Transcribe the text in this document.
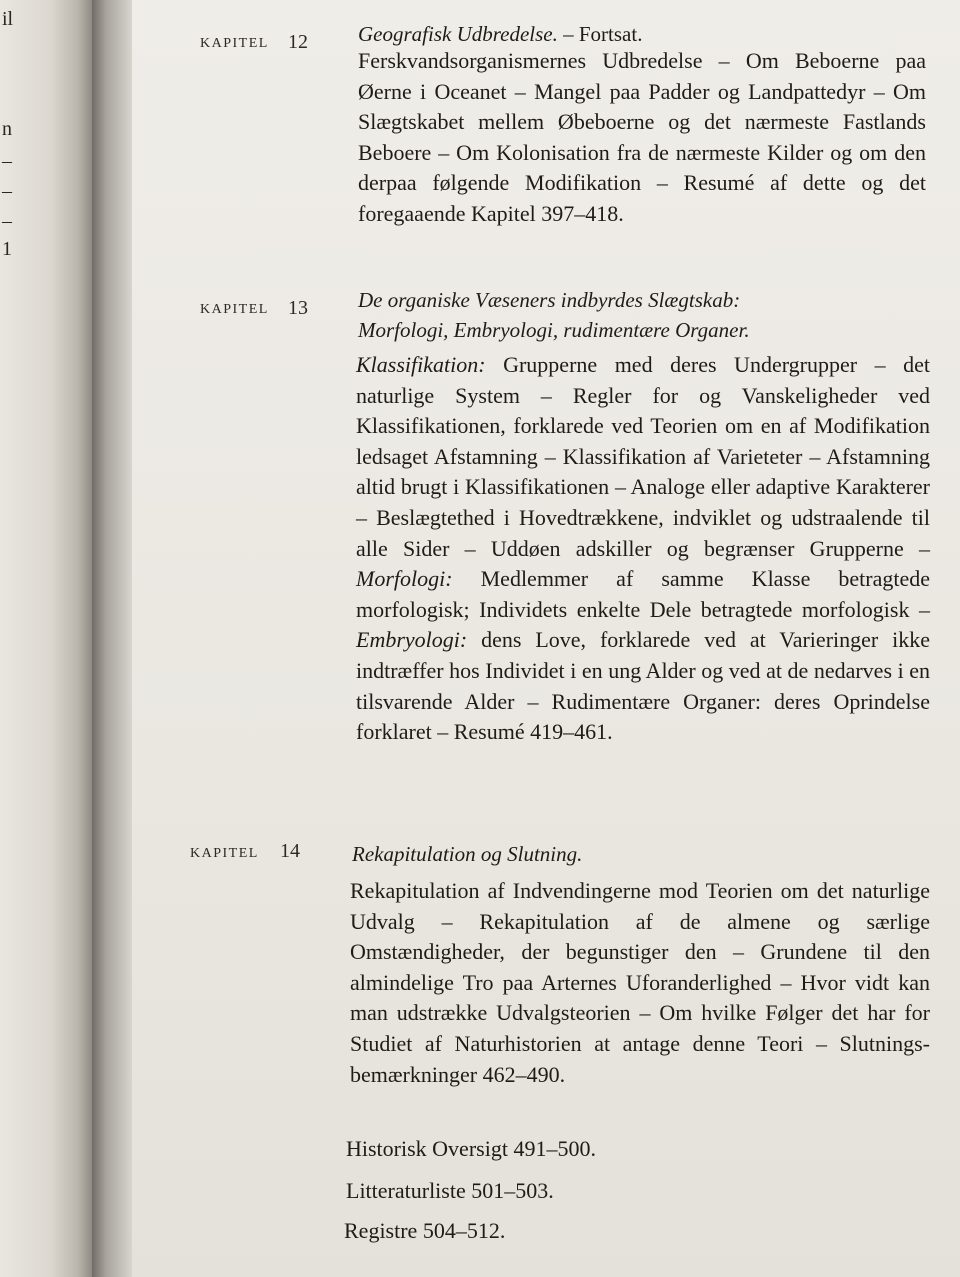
il
n
–
–
–
1
KAPITEL 12 Geografisk Udbredelse. – Fortsat.
Ferskvandsorganismernes Udbredelse – Om Beboerne paa Øerne i Oceanet – Mangel paa Padder og Landpattedyr – Om Slægtskabet mellem Øbeboerne og det nærmeste Fastlands Beboere – Om Kolonisation fra de nærmeste Kilder og om den derpaa følgende Modifikation – Resumé af dette og det foregaaende Kapitel 397–418.
KAPITEL 13 De organiske Væseners indbyrdes Slægtskab:
Morfologi, Embryologi, rudimentære Organer.
Klassifikation: Grupperne med deres Undergrupper – det naturlige System – Regler for og Vanskeligheder ved Klassifikationen, forklarede ved Teorien om en af Modifikation ledsaget Afstamning – Klassifikation af Varieteter – Afstamning altid brugt i Klassifikationen – Analoge eller adaptive Karakterer – Beslægtethed i Hovedtrækkene, indviklet og udstraalende til alle Sider – Uddøen adskiller og begrænser Grupperne – Morfologi: Medlemmer af samme Klasse betragtede morfologisk; Individets enkelte Dele betragtede morfologisk – Embryologi: dens Love, forklarede ved at Varieringer ikke indtræffer hos Individet i en ung Alder og ved at de nedarves i en tilsvarende Alder – Rudimentære Organer: deres Oprindelse forklaret – Resumé 419–461.
KAPITEL 14 Rekapitulation og Slutning.
Rekapitulation af Indvendingerne mod Teorien om det naturlige Udvalg – Rekapitulation af de almene og særlige Omstændigheder, der begunstiger den – Grundene til den almindelige Tro paa Arternes Uforanderlighed – Hvor vidt kan man udstrække Udvalgsteorien – Om hvilke Følger det har for Studiet af Naturhistorien at antage denne Teori – Slutningsbemærkninger 462–490.
Historisk Oversigt 491–500.
Litteraturliste 501–503.
Registre 504–512.
